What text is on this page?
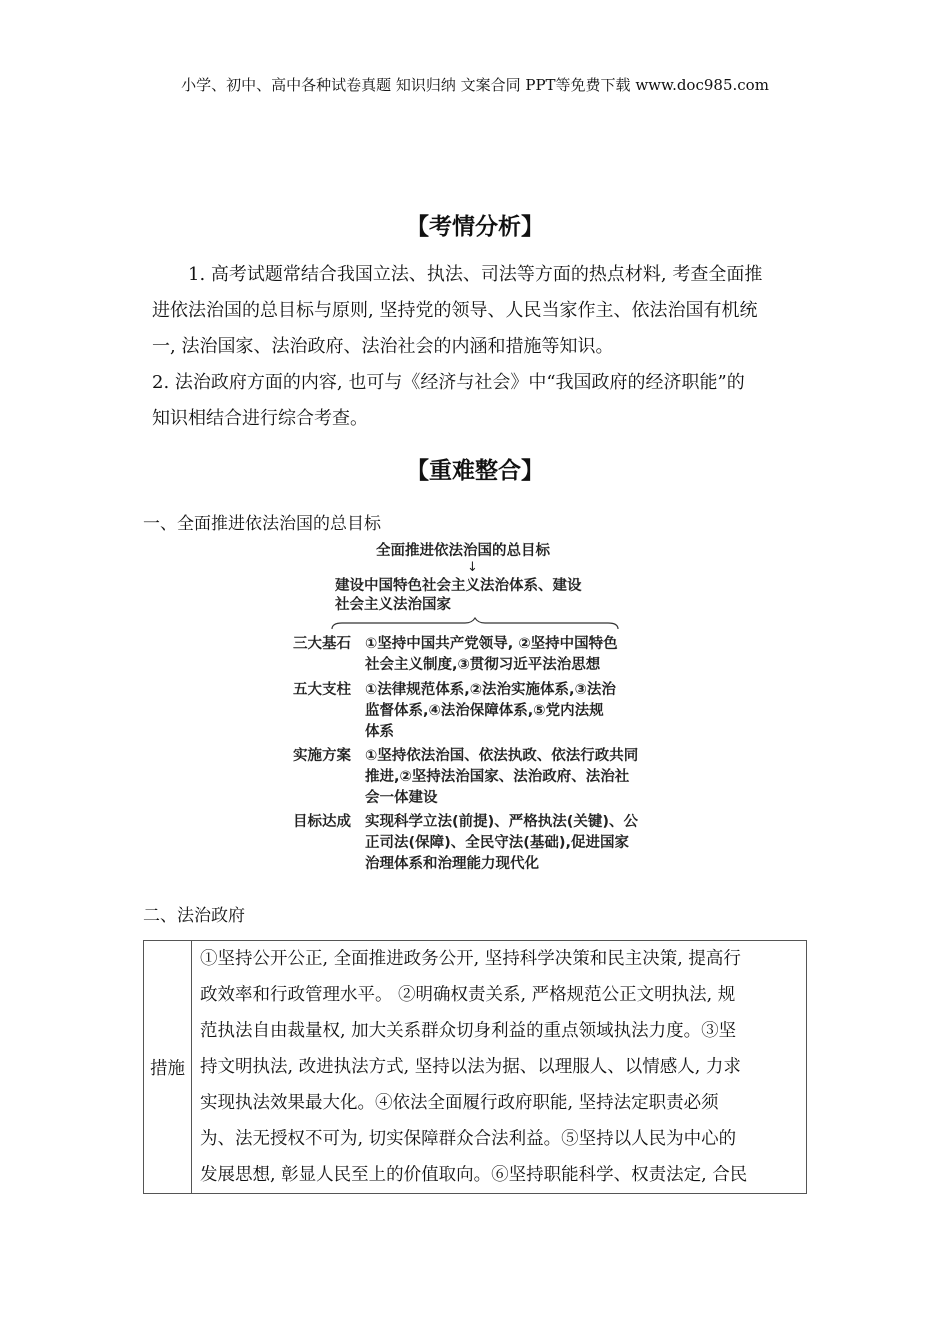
小学、初中、高中各种试卷真题 知识归纳 文案合同 PPT等免费下载 www.doc985.com
【考情分析】
　　1. 高考试题常结合我国立法、执法、司法等方面的热点材料, 考查全面推
进依法治国的总目标与原则, 坚持党的领导、人民当家作主、依法治国有机统
一, 法治国家、法治政府、法治社会的内涵和措施等知识。
2. 法治政府方面的内容, 也可与《经济与社会》中“我国政府的经济职能”的
知识相结合进行综合考查。
【重难整合】
一、全面推进依法治国的总目标
全面推进依法治国的总目标
↓
建设中国特色社会主义法治体系、建设
社会主义法治国家
三大基石 ①坚持中国共产党领导, ②坚持中国特色
社会主义制度,③贯彻习近平法治思想
五大支柱 ①法律规范体系,②法治实施体系,③法治
监督体系,④法治保障体系,⑤党内法规
体系
实施方案 ①坚持依法治国、依法执政、依法行政共同
推进,②坚持法治国家、法治政府、法治社
会一体建设
目标达成 实现科学立法(前提)、严格执法(关键)、公
正司法(保障)、全民守法(基础),促进国家
治理体系和治理能力现代化
二、法治政府
措施	
①坚持公开公正, 全面推进政务公开, 坚持科学决策和民主决策, 提高行
政效率和行政管理水平。 ②明确权责关系, 严格规范公正文明执法, 规
范执法自由裁量权, 加大关系群众切身利益的重点领域执法力度。③坚
持文明执法, 改进执法方式, 坚持以法为据、以理服人、以情感人, 力求
实现执法效果最大化。④依法全面履行政府职能, 坚持法定职责必须
为、法无授权不可为, 切实保障群众合法利益。⑤坚持以人民为中心的
发展思想, 彰显人民至上的价值取向。⑥坚持职能科学、权责法定, 合民
